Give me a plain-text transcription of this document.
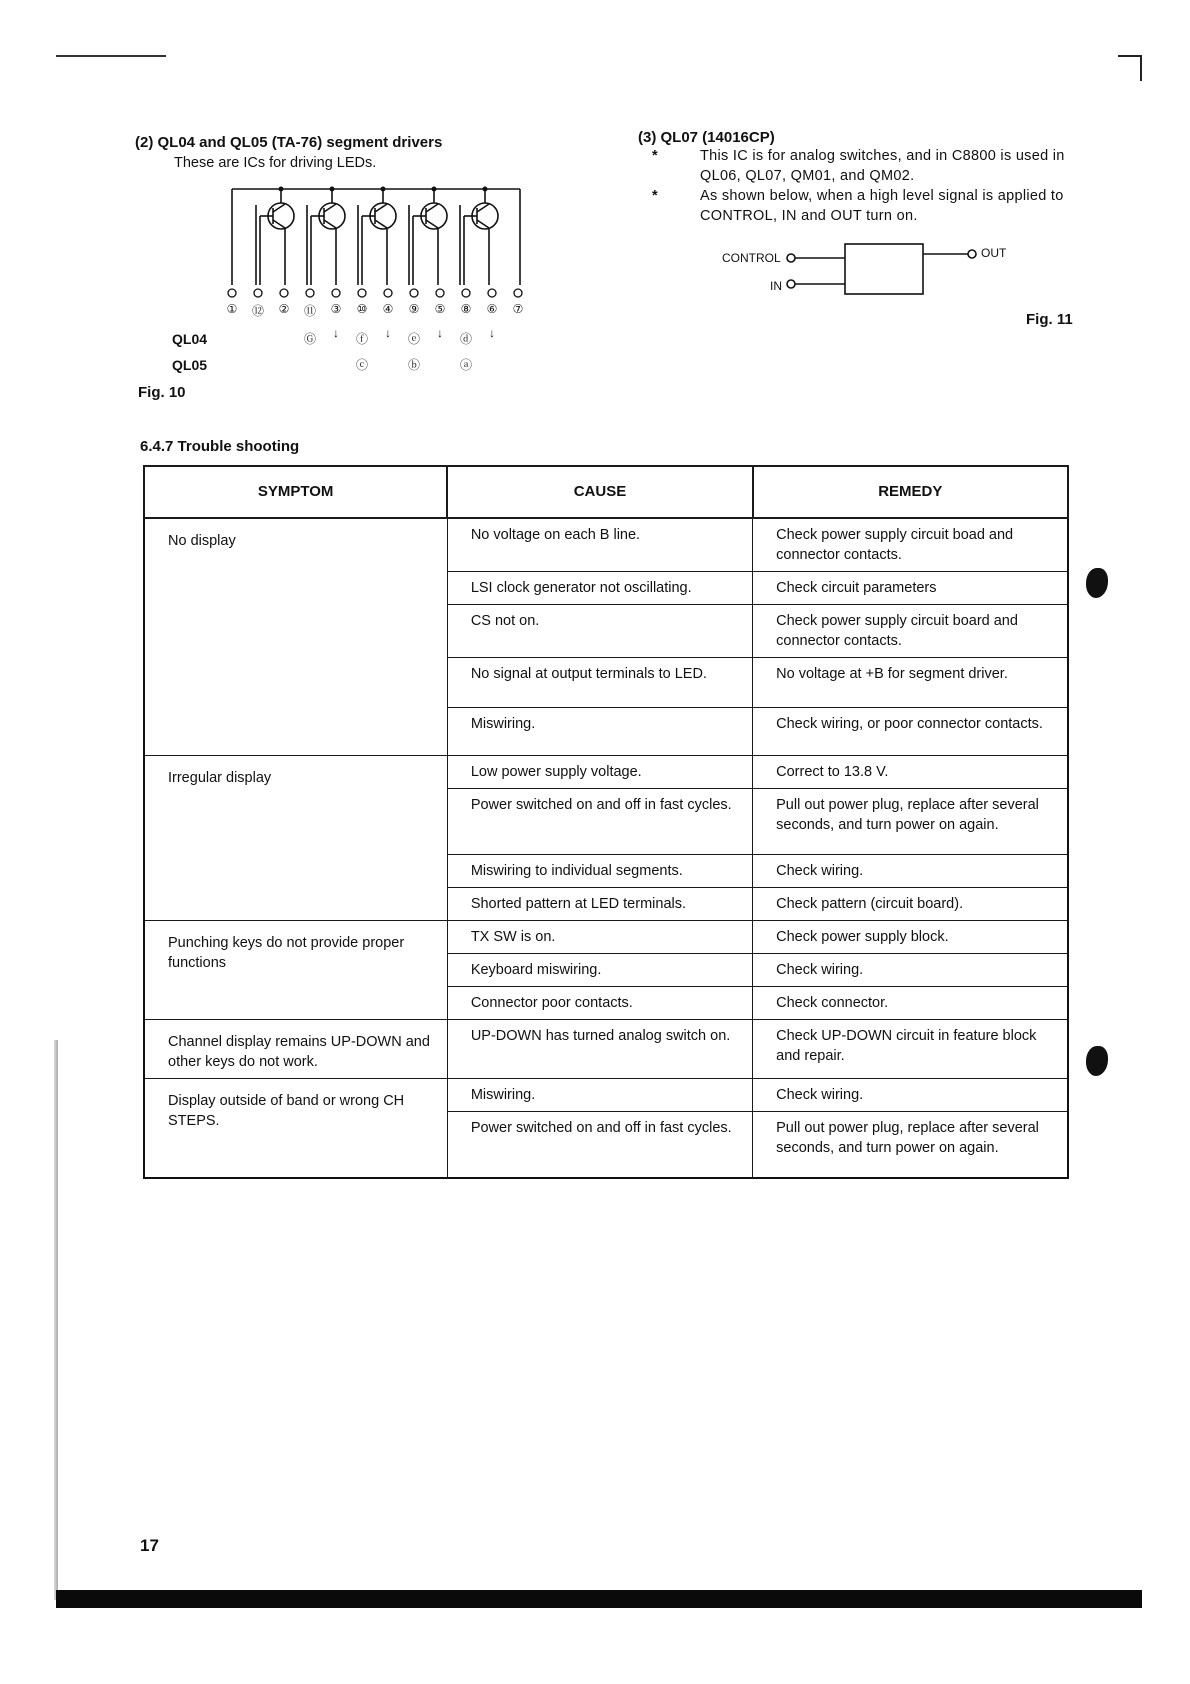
(2) QL04 and QL05 (TA-76) segment drivers
These are ICs for driving LEDs.
①	⑫	②	⑪	③	⑩	④	⑨	⑤	⑧	⑥	⑦
QL04	Ⓖ	↓	ⓕ	↓	ⓔ	↓	ⓓ	↓
QL05	ⓒ	ⓑ	ⓐ
Fig. 10
(3) QL07 (14016CP)
*	This IC is for analog switches, and in C8800 is used in QL06, QL07, QM01, and QM02.
*	As shown below, when a high level signal is applied to CONTROL, IN and OUT turn on.
CONTROL
IN
OUT
Fig. 11
6.4.7 Trouble shooting
SYMPTOM	CAUSE	REMEDY
No display	No voltage on each B line.	Check power supply circuit boad and connector contacts.
	LSI clock generator not oscillating.	Check circuit parameters
	CS not on.	Check power supply circuit board and connector contacts.
	No signal at output terminals to LED.	No voltage at +B for segment driver.
	Miswiring.	Check wiring, or poor connector contacts.
Irregular display	Low power supply voltage.	Correct to 13.8 V.
	Power switched on and off in fast cycles.	Pull out power plug, replace after several seconds, and turn power on again.
	Miswiring to individual segments.	Check wiring.
	Shorted pattern at LED terminals.	Check pattern (circuit board).
Punching keys do not provide proper functions	TX SW is on.	Check power supply block.
	Keyboard miswiring.	Check wiring.
	Connector poor contacts.	Check connector.
Channel display remains UP-DOWN and other keys do not work.	UP-DOWN has turned analog switch on.	Check UP-DOWN circuit in feature block and repair.
Display outside of band or wrong CH STEPS.	Miswiring.	Check wiring.
	Power switched on and off in fast cycles.	Pull out power plug, replace after several seconds, and turn power on again.
17
